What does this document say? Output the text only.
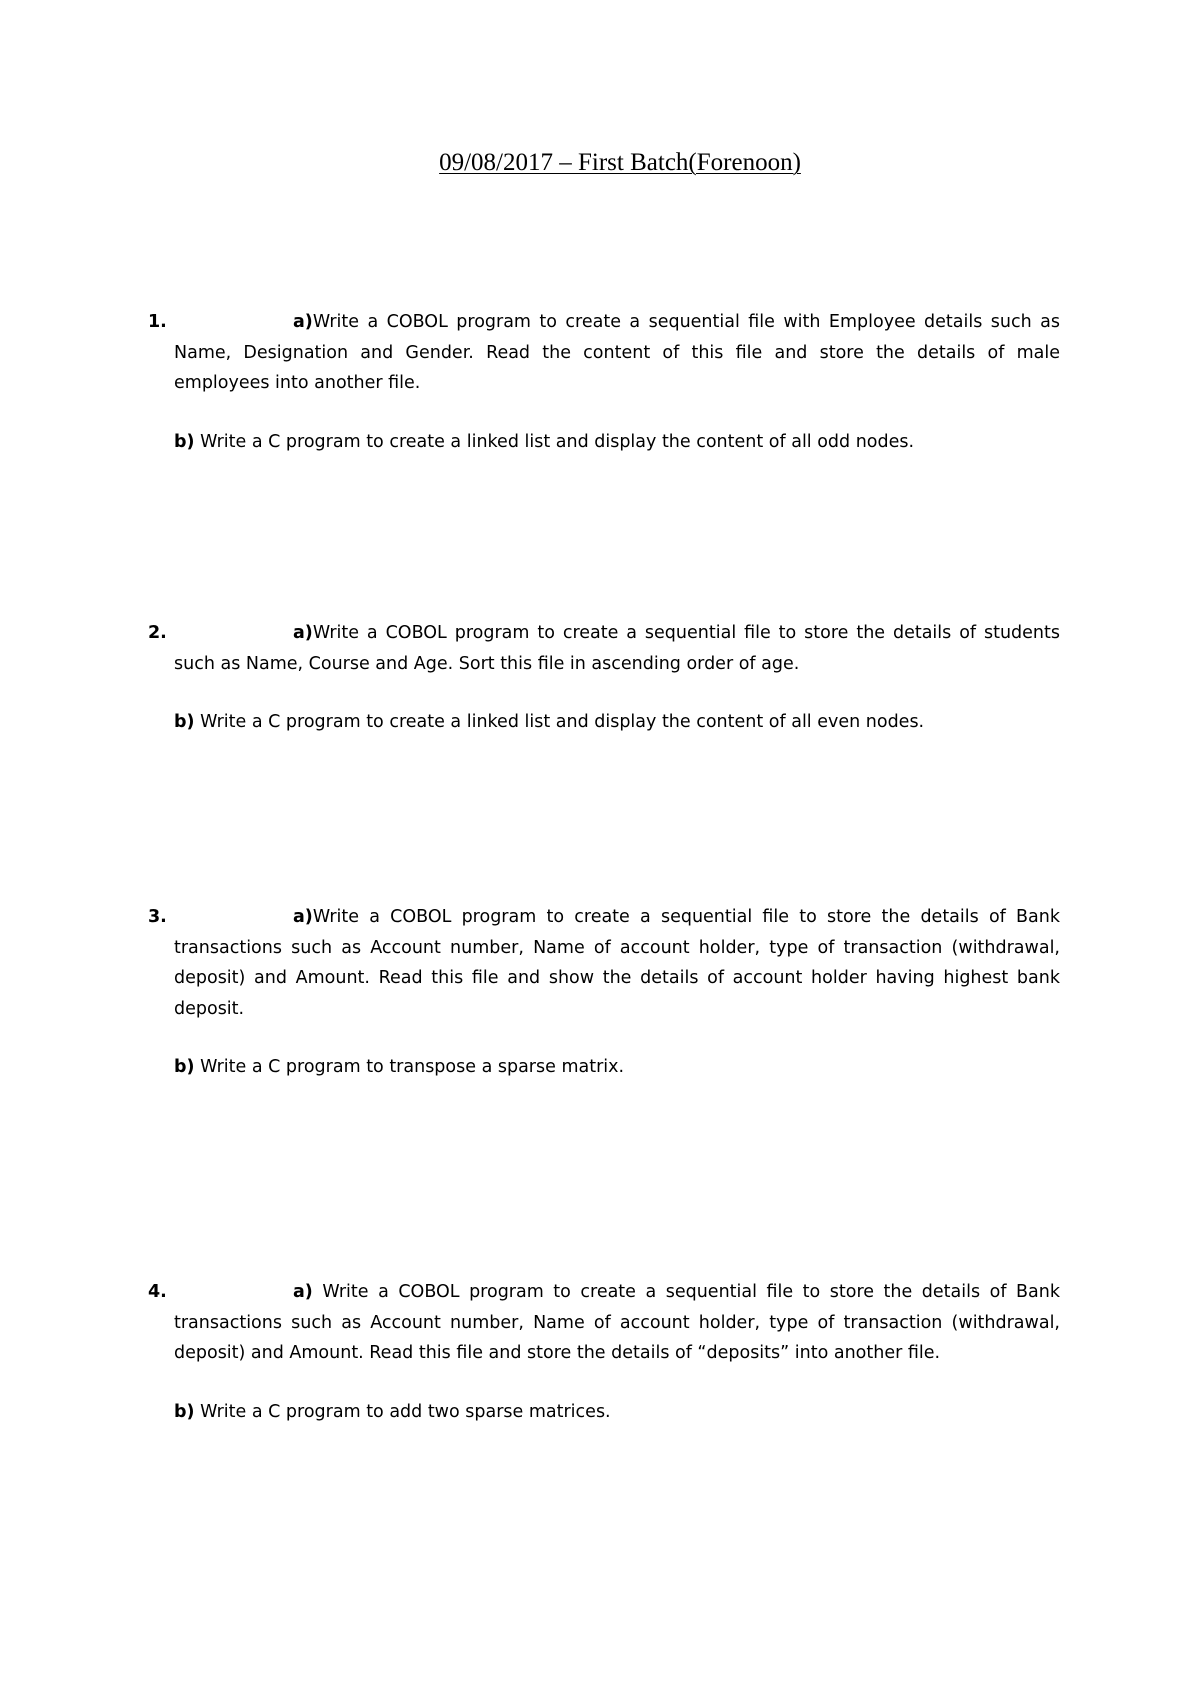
09/08/2017 – First Batch(Forenoon)
1.	a)Write a COBOL program to create a sequential file with Employee details such as Name, Designation and Gender. Read the content of this file and store the details of male employees into another file.

b) Write a C program to create a linked list and display the content of all odd nodes.

2.	a)Write a COBOL program to create a sequential file to store the details of students such as Name, Course and Age. Sort this file in ascending order of age.

b) Write a C program to create a linked list and display the content of all even nodes.

3.	a)Write a COBOL program to create a sequential file to store the details of Bank transactions such as Account number, Name of account holder, type of transaction (withdrawal, deposit) and Amount. Read this file and show the details of account holder having highest bank deposit.

b) Write a C program to transpose a sparse matrix.

4.	a) Write a COBOL program to create a sequential file to store the details of Bank transactions such as Account number, Name of account holder, type of transaction (withdrawal, deposit) and Amount. Read this file and store the details of “deposits” into another file.

b) Write a C program to add two sparse matrices.
